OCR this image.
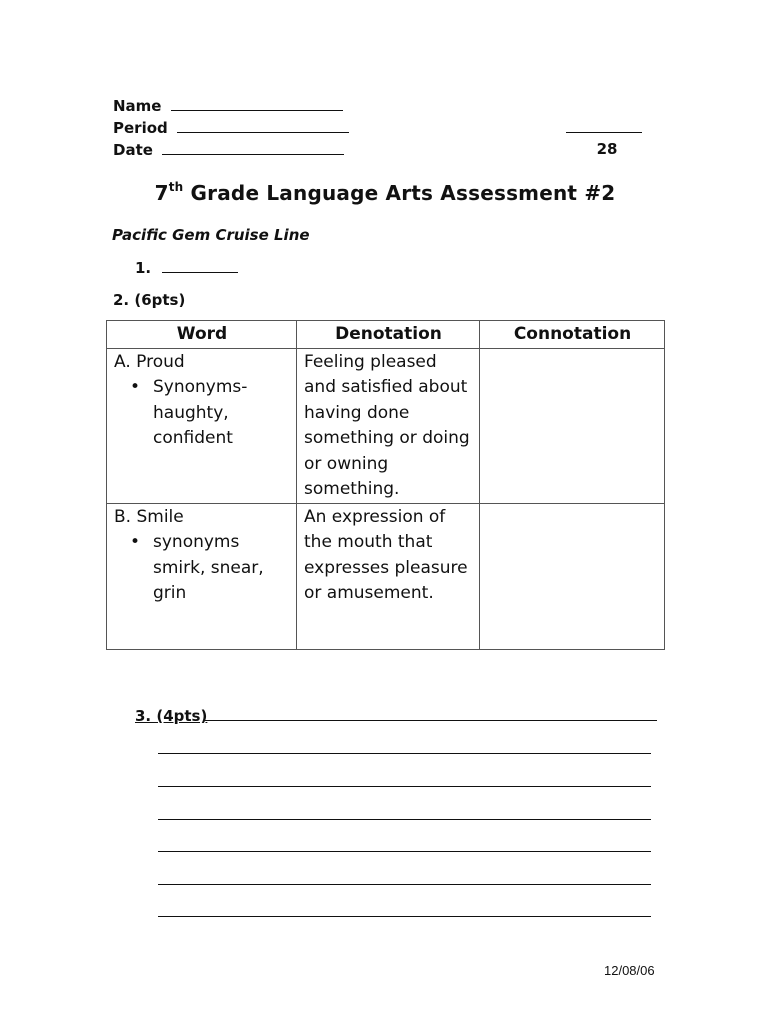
Name
Period
Date	28
7th Grade Language Arts Assessment #2
Pacific Gem Cruise Line
1.
2. (6pts)
Word	Denotation	Connotation

A. Proud
• Synonyms- haughty, confident	Feeling pleased and satisfied about having done something or doing or owning something.	

B. Smile
• synonyms smirk, snear, grin	An expression of the mouth that expresses pleasure or amusement.	
3. (4pts)
12/08/06
